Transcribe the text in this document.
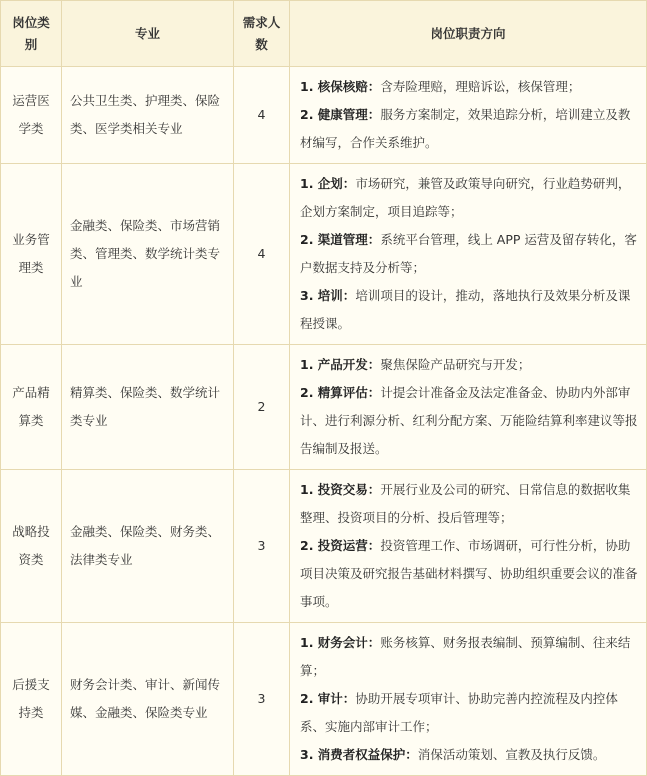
岗位类别	专业	需求人数	岗位职责方向
运营医学类	公共卫生类、护理类、保险类、医学类相关专业	4	1. 核保核赔：含寿险理赔，理赔诉讼，核保管理；
2. 健康管理：服务方案制定，效果追踪分析，培训建立及教材编写，合作关系维护。

业务管理类	金融类、保险类、市场营销类、管理类、数学统计类专业	4	1. 企划：市场研究，兼管及政策导向研究，行业趋势研判，企划方案制定，项目追踪等；
2. 渠道管理：系统平台管理，线上 APP 运营及留存转化，客户数据支持及分析等；
3. 培训：培训项目的设计，推动，落地执行及效果分析及课程授课。

产品精算类	精算类、保险类、数学统计类专业	2	1. 产品开发：聚焦保险产品研究与开发；
2. 精算评估：计提会计准备金及法定准备金、协助内外部审计、进行利源分析、红利分配方案、万能险结算利率建议等报告编制及报送。

战略投资类	金融类、保险类、财务类、法律类专业	3	1. 投资交易：开展行业及公司的研究、日常信息的数据收集整理、投资项目的分析、投后管理等；
2. 投资运营：投资管理工作、市场调研，可行性分析，协助项目决策及研究报告基础材料撰写、协助组织重要会议的准备事项。

后援支持类	财务会计类、审计、新闻传媒、金融类、保险类专业	3	1. 财务会计：账务核算、财务报表编制、预算编制、往来结算；
2. 审计：协助开展专项审计、协助完善内控流程及内控体系、实施内部审计工作；
3. 消费者权益保护：消保活动策划、宣教及执行反馈。
